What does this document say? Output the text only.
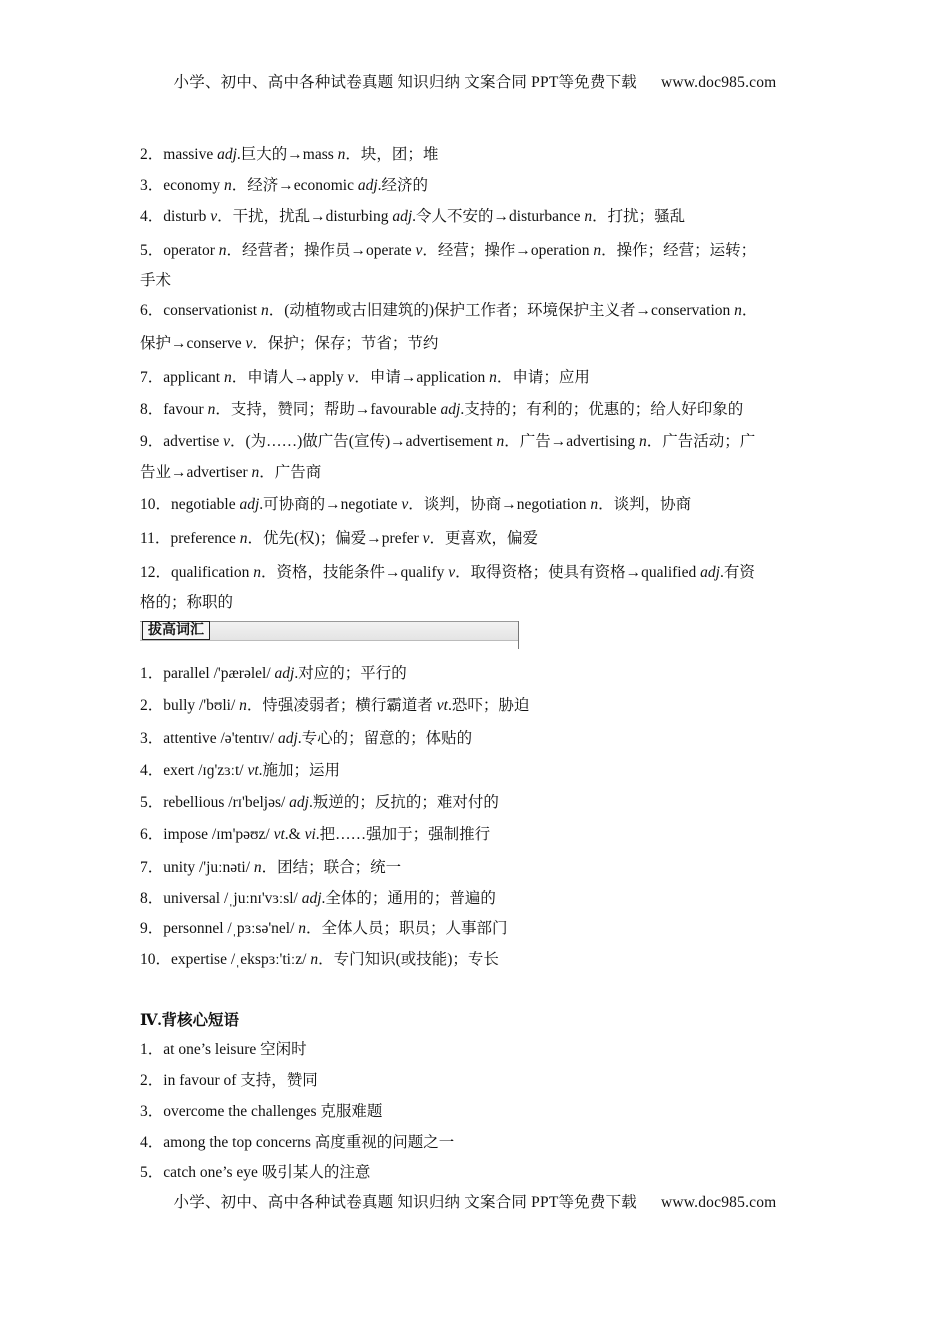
小学、初中、高中各种试卷真题 知识归纳 文案合同 PPT等免费下载 www.doc985.com
2．massive adj.巨大的→mass n．块，团；堆
3．economy n．经济→economic adj.经济的
4．disturb v．干扰，扰乱→disturbing adj.令人不安的→disturbance n．打扰；骚乱
5．operator n．经营者；操作员→operate v．经营；操作→operation n．操作；经营；运转；
手术
6．conservationist n．(动植物或古旧建筑的)保护工作者；环境保护主义者→conservation n．
保护→conserve v．保护；保存；节省；节约
7．applicant n．申请人→apply v．申请→application n．申请；应用
8．favour n．支持，赞同；帮助→favourable adj.支持的；有利的；优惠的；给人好印象的
9．advertise v．(为……)做广告(宣传)→advertisement n．广告→advertising n．广告活动；广
告业→advertiser n．广告商
10．negotiable adj.可协商的→negotiate v．谈判，协商→negotiation n．谈判，协商
11．preference n．优先(权)；偏爱→prefer v．更喜欢，偏爱
12．qualification n．资格，技能条件→qualify v．取得资格；使具有资格→qualified adj.有资
格的；称职的
拔高词汇
1．parallel /'pærəlel/ adj.对应的；平行的
2．bully /'bʊli/ n．恃强凌弱者；横行霸道者 vt.恐吓；胁迫
3．attentive /ə'tentɪv/ adj.专心的；留意的；体贴的
4．exert /ɪɡ'zɜːt/ vt.施加；运用
5．rebellious /rɪ'beljəs/ adj.叛逆的；反抗的；难对付的
6．impose /ɪm'pəʊz/ vt.& vi.把……强加于；强制推行
7．unity /'juːnəti/ n．团结；联合；统一
8．universal /ˌjuːnɪ'vɜːsl/ adj.全体的；通用的；普遍的
9．personnel /ˌpɜːsə'nel/ n．全体人员；职员；人事部门
10．expertise /ˌekspɜː'tiːz/ n．专门知识(或技能)；专长
Ⅳ.背核心短语
1．at one’s leisure 空闲时
2．in favour of 支持，赞同
3．overcome the challenges 克服难题
4．among the top concerns 高度重视的问题之一
5．catch one’s eye 吸引某人的注意
小学、初中、高中各种试卷真题 知识归纳 文案合同 PPT等免费下载 www.doc985.com
